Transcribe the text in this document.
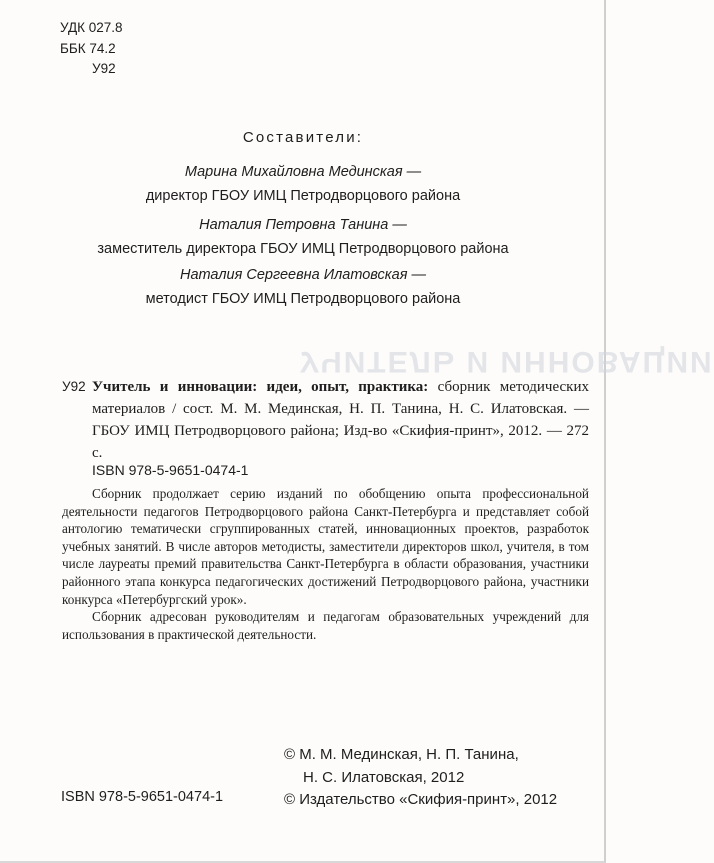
УЧИТЕЛЬ И ИННОВАЦИИ
УДК 027.8
ББК 74.2
У92
Составители:
Марина Михайловна Мединская —
директор ГБОУ ИМЦ Петродворцового района
Наталия Петровна Танина —
заместитель директора ГБОУ ИМЦ Петродворцового района
Наталия Сергеевна Илатовская —
методист ГБОУ ИМЦ Петродворцового района
У92 Учитель и инновации: идеи, опыт, практика: сборник методических материалов / сост. М. М. Мединская, Н. П. Танина, Н. С. Илатовская. — ГБОУ ИМЦ Петродворцового района; Изд-во «Скифия-принт», 2012. — 272 с.
ISBN 978-5-9651-0474-1

Сборник продолжает серию изданий по обобщению опыта профессиональной деятельности педагогов Петродворцового района Санкт-Петербурга и представляет собой антологию тематически сгруппированных статей, инновационных проектов, разработок учебных занятий. В числе авторов методисты, заместители директоров школ, учителя, в том числе лауреаты премий правительства Санкт-Петербурга в области образования, участники районного этапа конкурса педагогических достижений Петродворцового района, участники конкурса «Петербургский урок».

Сборник адресован руководителям и педагогам образовательных учреждений для использования в практической деятельности.

© М. М. Мединская, Н. П. Танина,
Н. С. Илатовская, 2012
© Издательство «Скифия-принт», 2012
ISBN 978-5-9651-0474-1
